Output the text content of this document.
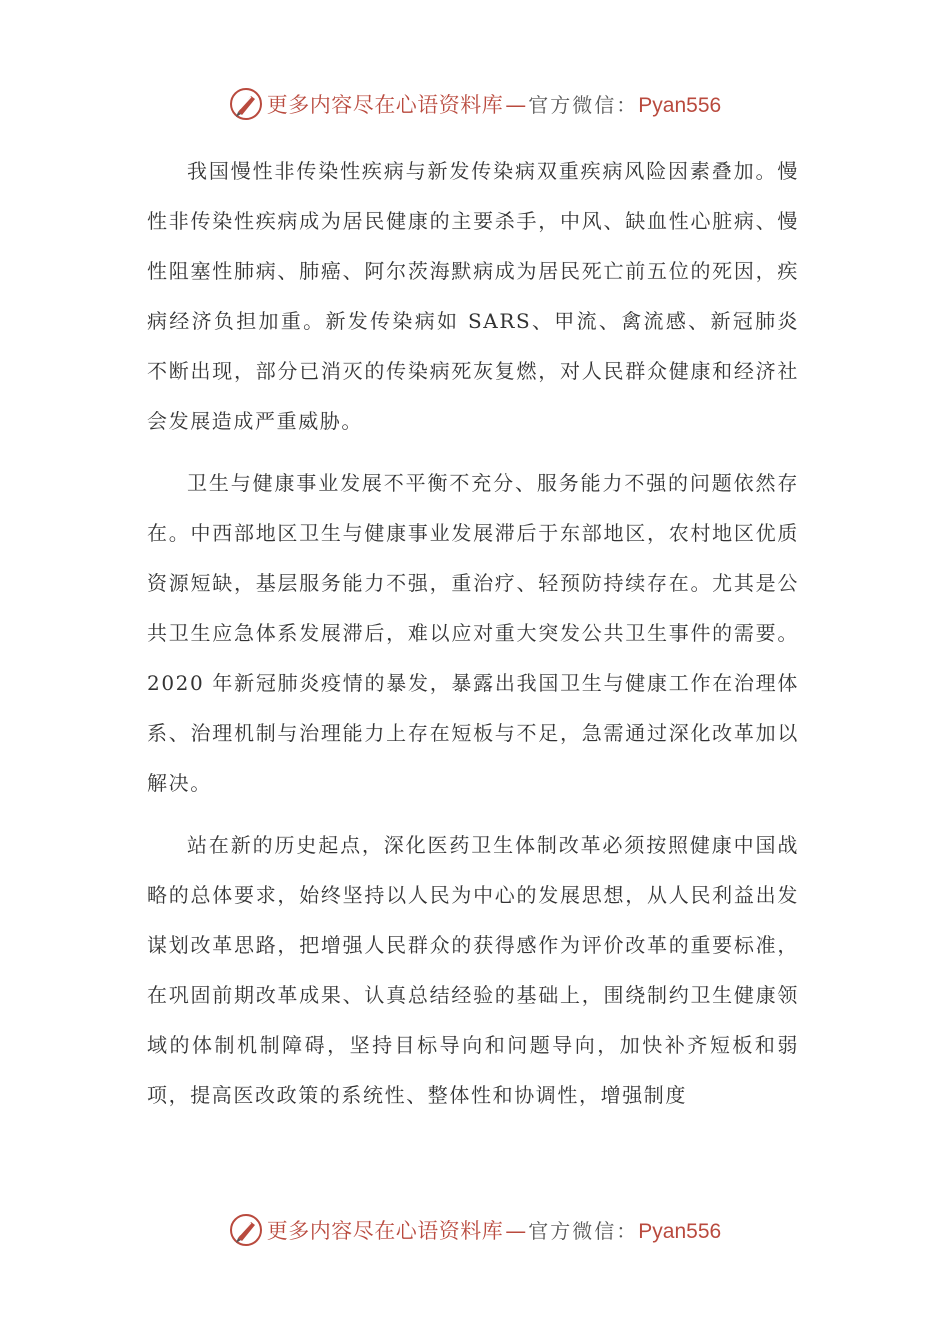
更多内容尽在心语资料库 — 官方微信： Pyan556

我国慢性非传染性疾病与新发传染病双重疾病风险因素叠加。慢性非传染性疾病成为居民健康的主要杀手，中风、缺血性心脏病、慢性阻塞性肺病、肺癌、阿尔茨海默病成为居民死亡前五位的死因，疾病经济负担加重。新发传染病如 SARS、甲流、禽流感、新冠肺炎不断出现，部分已消灭的传染病死灰复燃，对人民群众健康和经济社会发展造成严重威胁。

卫生与健康事业发展不平衡不充分、服务能力不强的问题依然存在。中西部地区卫生与健康事业发展滞后于东部地区，农村地区优质资源短缺，基层服务能力不强，重治疗、轻预防持续存在。尤其是公共卫生应急体系发展滞后，难以应对重大突发公共卫生事件的需要。2020 年新冠肺炎疫情的暴发，暴露出我国卫生与健康工作在治理体系、治理机制与治理能力上存在短板与不足，急需通过深化改革加以解决。

站在新的历史起点，深化医药卫生体制改革必须按照健康中国战略的总体要求，始终坚持以人民为中心的发展思想，从人民利益出发谋划改革思路，把增强人民群众的获得感作为评价改革的重要标准，在巩固前期改革成果、认真总结经验的基础上，围绕制约卫生健康领域的体制机制障碍，坚持目标导向和问题导向，加快补齐短板和弱项，提高医改政策的系统性、整体性和协调性，增强制度

更多内容尽在心语资料库 — 官方微信： Pyan556
